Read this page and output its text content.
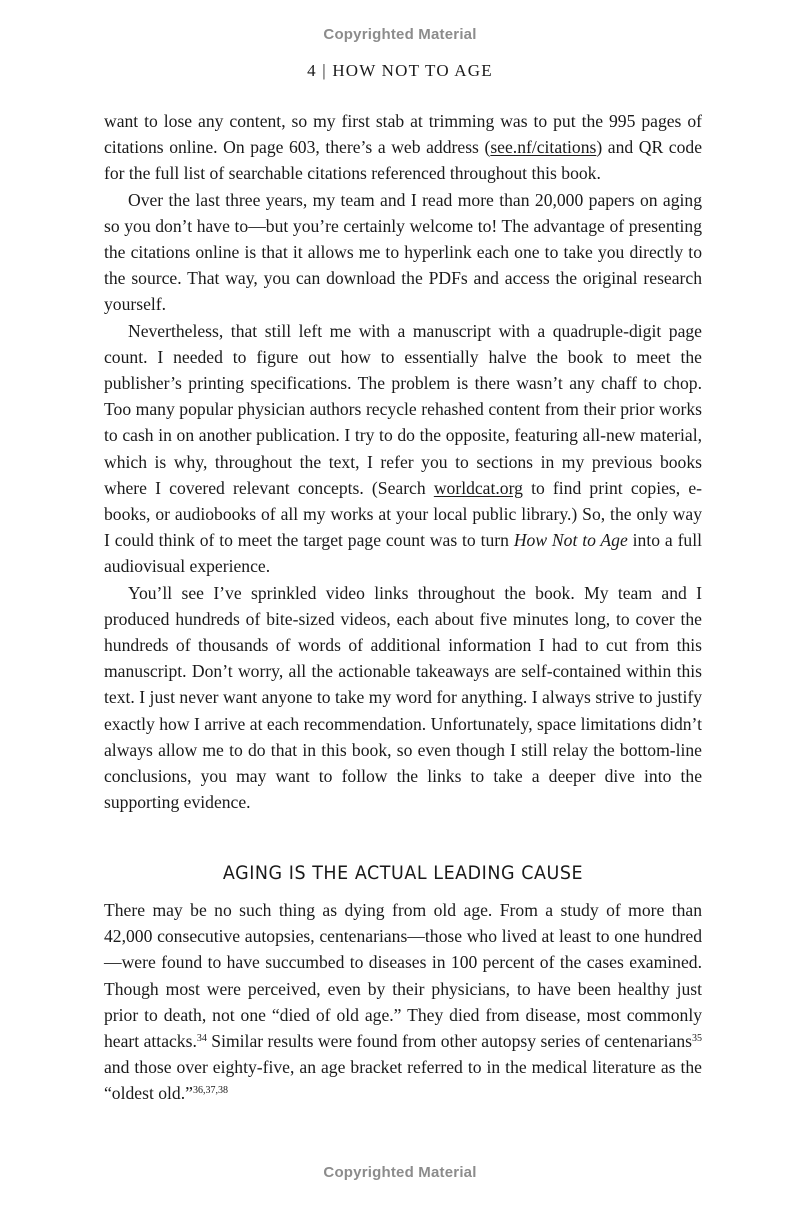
Copyrighted Material
4 | HOW NOT TO AGE

want to lose any content, so my first stab at trimming was to put the 995 pages of citations online. On page 603, there’s a web address (see.nf/citations) and QR code for the full list of searchable citations referenced throughout this book.

Over the last three years, my team and I read more than 20,000 papers on aging so you don’t have to—but you’re certainly welcome to! The advantage of presenting the citations online is that it allows me to hyperlink each one to take you directly to the source. That way, you can download the PDFs and access the original research yourself.

Nevertheless, that still left me with a manuscript with a quadruple-digit page count. I needed to figure out how to essentially halve the book to meet the publisher’s printing specifications. The problem is there wasn’t any chaff to chop. Too many popular physician authors recycle rehashed content from their prior works to cash in on another publication. I try to do the opposite, featuring all-new material, which is why, throughout the text, I refer you to sections in my previous books where I covered relevant concepts. (Search worldcat.org to find print copies, e-books, or audiobooks of all my works at your local public library.) So, the only way I could think of to meet the target page count was to turn How Not to Age into a full audiovisual experience.

You’ll see I’ve sprinkled video links throughout the book. My team and I produced hundreds of bite-sized videos, each about five minutes long, to cover the hundreds of thousands of words of additional information I had to cut from this manuscript. Don’t worry, all the actionable takeaways are self-contained within this text. I just never want anyone to take my word for anything. I always strive to justify exactly how I arrive at each recommendation. Unfortunately, space limitations didn’t always allow me to do that in this book, so even though I still relay the bottom-line conclusions, you may want to follow the links to take a deeper dive into the supporting evidence.

AGING IS THE ACTUAL LEADING CAUSE

There may be no such thing as dying from old age. From a study of more than 42,000 consecutive autopsies, centenarians—those who lived at least to one hundred—were found to have succumbed to diseases in 100 percent of the cases examined. Though most were perceived, even by their physicians, to have been healthy just prior to death, not one “died of old age.” They died from disease, most commonly heart attacks.$^{34}$ Similar results were found from other autopsy series of centenarians$^{35}$ and those over eighty-five, an age bracket referred to in the medical literature as the “oldest old.”$^{36,37,38}$

Copyrighted Material
